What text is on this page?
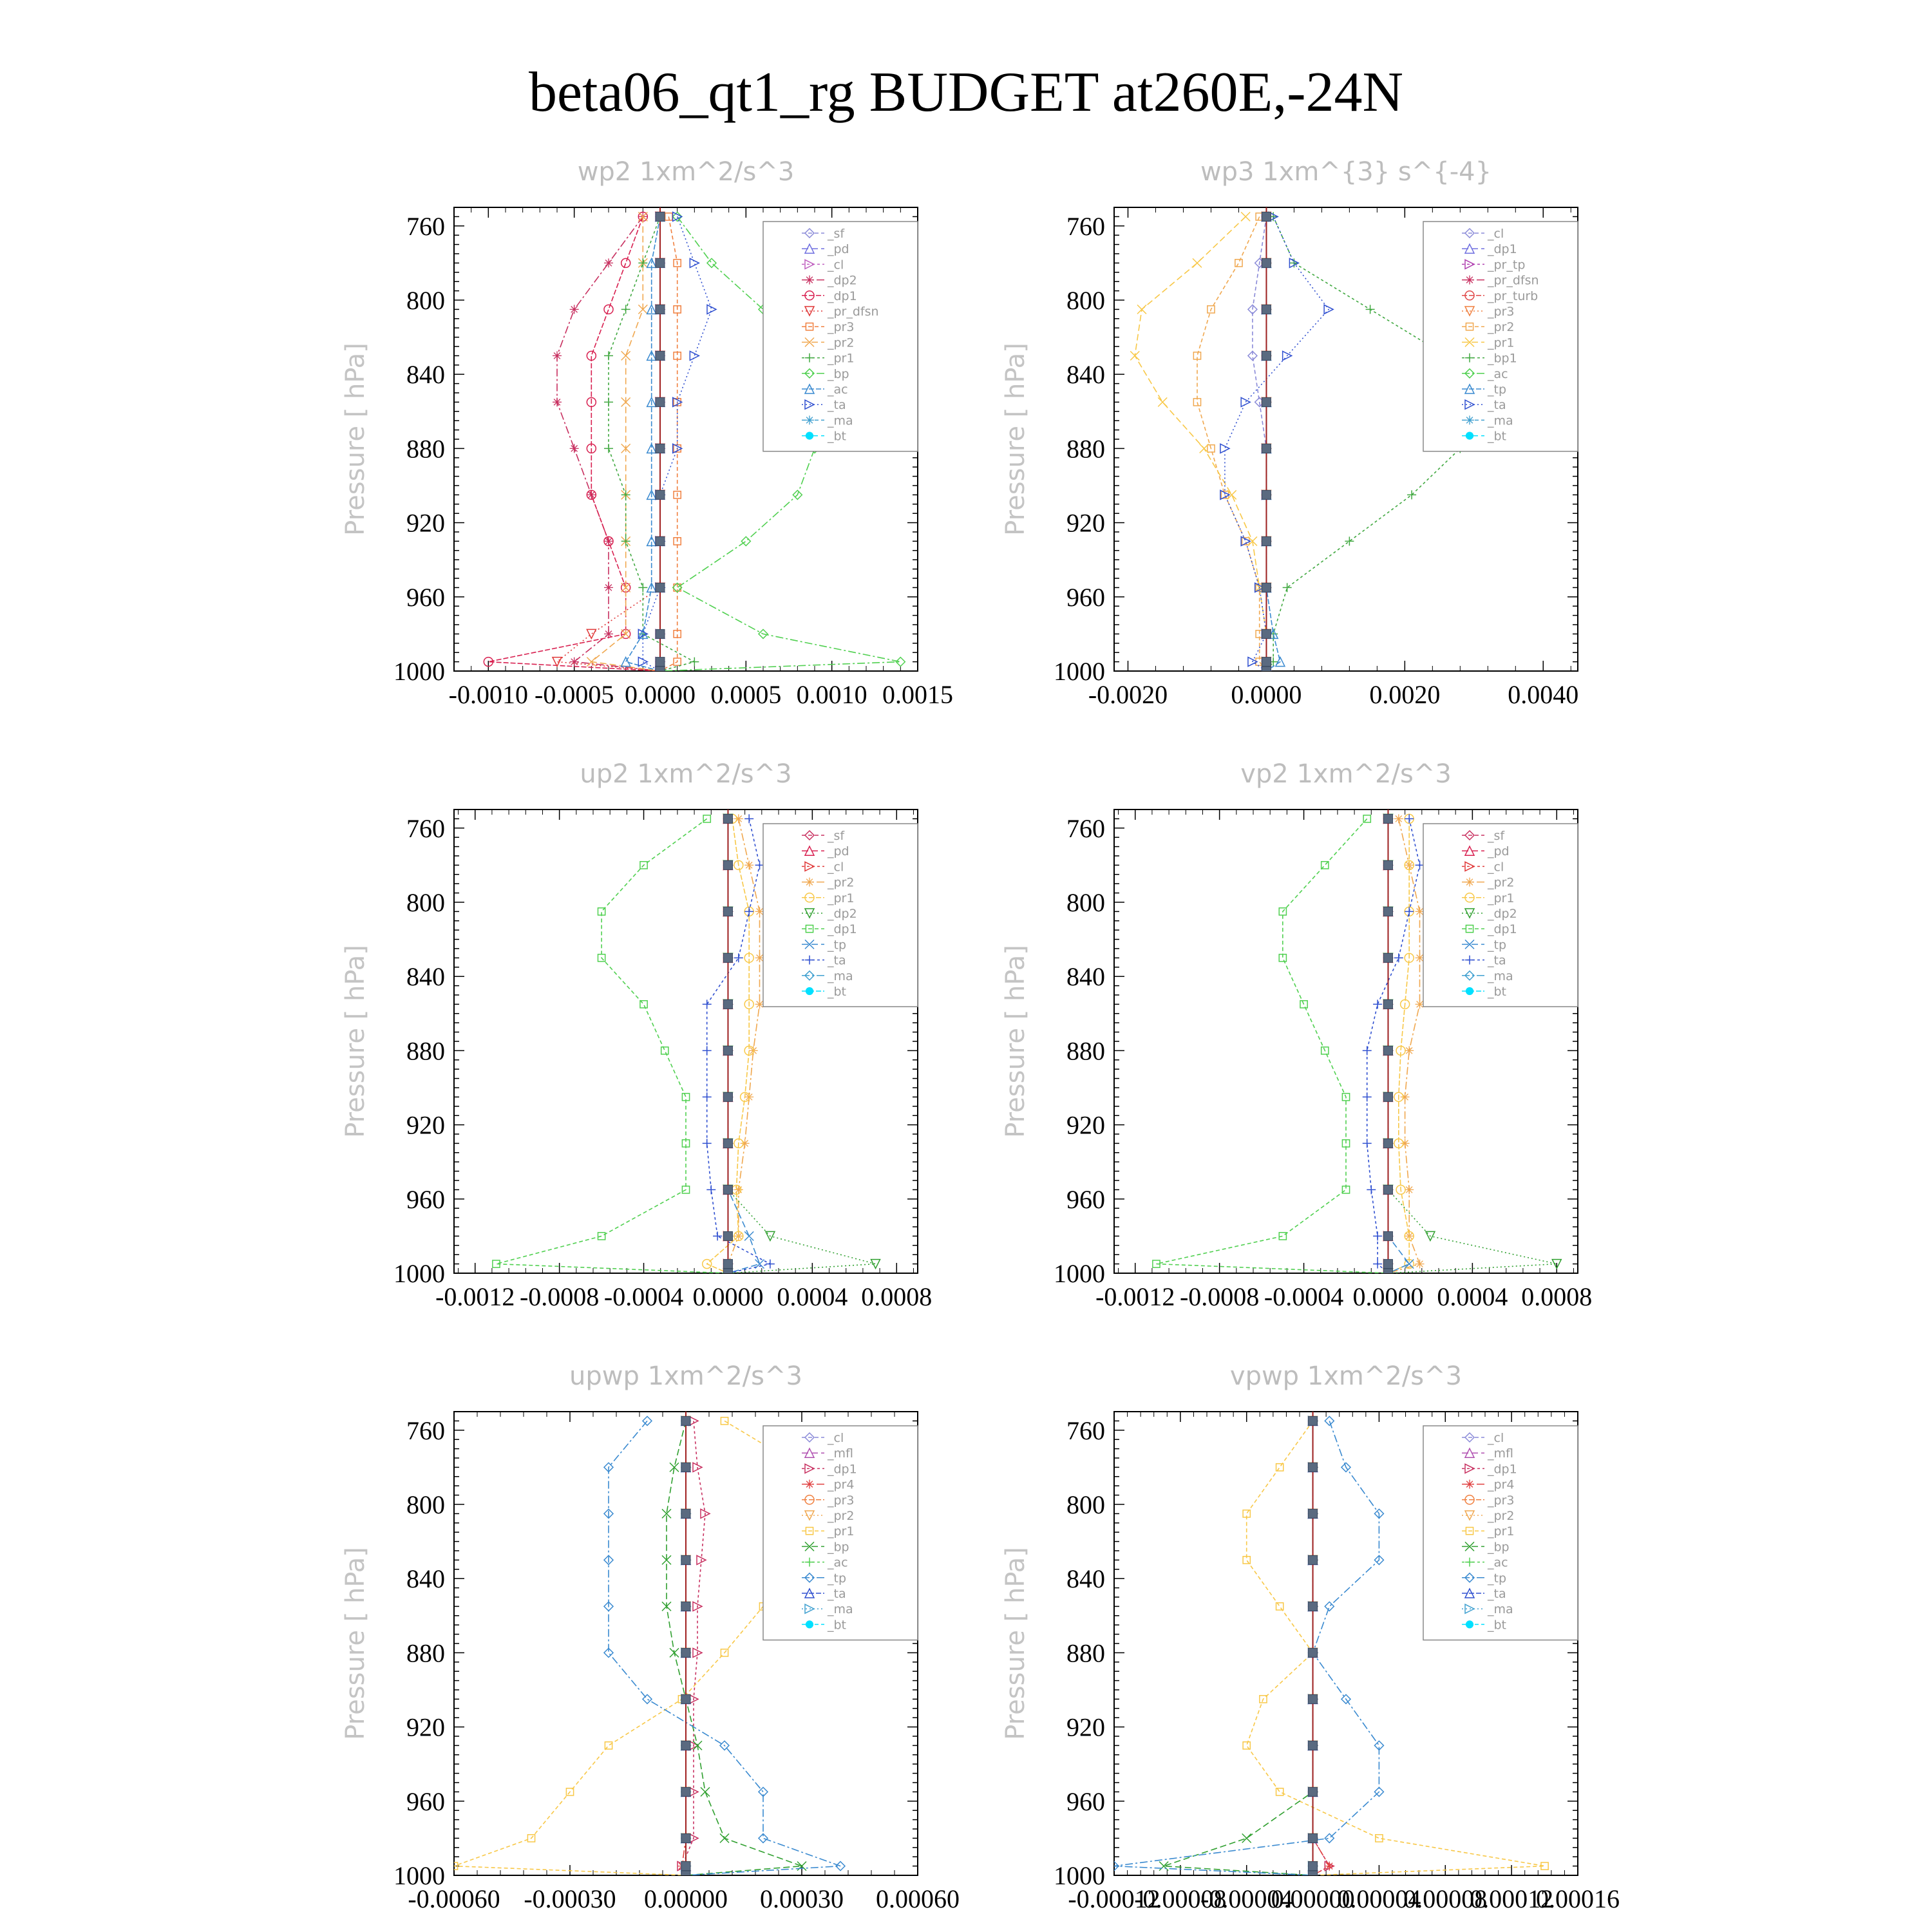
beta06_qt1_rg BUDGET at260E,-24N
wp2 1xm^2/s^3
Pressure [ hPa]
760
800
840
880
920
960
1000
-0.0010 -0.0005 0.0000 0.0005 0.0010 0.0015
_sf
_pd
_cl
_dp2
_dp1
_pr_dfsn
_pr3
_pr2
_pr1
_bp
_ac
_ta
_ma
_bt
wp3 1xm^{3} s^{-4}
Pressure [ hPa]
760
800
840
880
920
960
1000
-0.0020 0.0000	0.0020	0.0040
_cl
_dp1
_pr_tp
_pr_dfsn
_pr_turb
_pr3
_pr2
_pr1
_bp1
_ac
_tp
_ta
_ma
_bt
up2 1xm^2/s^3
Pressure [ hPa]
760
800
840
880
920
960
1000
-0.0012 -0.0008 -0.0004 0.0000 0.0004 0.0008
_sf
_pd
_cl
_pr2
_pr1
_dp2
_dp1
_tp
_ta
_ma
_bt
vp2 1xm^2/s^3
Pressure [ hPa]
760
800
840
880
920
960
1000
-0.0012 -0.0008 -0.0004 0.0000 0.0004 0.0008
_sf
_pd
_cl
_pr2
_pr1
_dp2
_dp1
_tp
_ta
_ma
_bt
upwp 1xm^2/s^3
Pressure [ hPa]
760
800
840
880
920
960
1000
-0.00060 -0.00030 0.00000 0.00030 0.00060
_cl
_mfl
_dp1
_pr4
_pr3
_pr2
_pr1
_bp
_ac
_tp
_ta
_ma
_bt
vpwp 1xm^2/s^3
Pressure [ hPa]
760
800
840
880
920
960
1000
-0.00012
-0.00008
-0.00004
0.00000
0.00004
0.00008
0.00012
0.00016
_cl
_mfl
_dp1
_pr4
_pr3
_pr2
_pr1
_bp
_ac
_tp
_ta
_ma
_bt
